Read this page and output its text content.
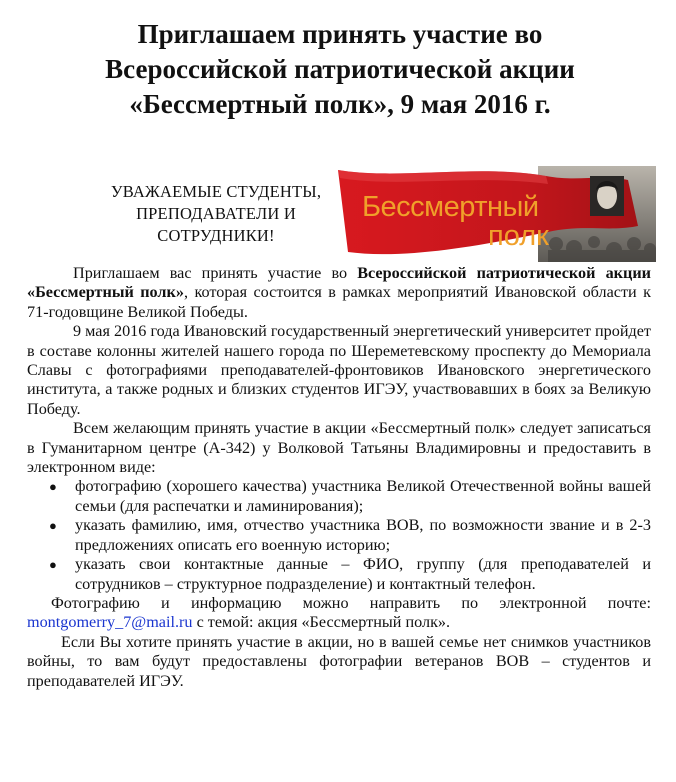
Приглашаем принять участие во
Всероссийской патриотической акции
«Бессмертный полк», 9 мая 2016 г.
УВАЖАЕМЫЕ СТУДЕНТЫ,
ПРЕПОДАВАТЕЛИ И
СОТРУДНИКИ!
Бессмертный
полк

Приглашаем вас принять участие во Всероссийской патриотической акции «Бессмертный полк», которая состоится в рамках мероприятий Ивановской области к 71-годовщине Великой Победы.

9 мая 2016 года Ивановский государственный энергетический университет пройдет в составе колонны жителей нашего города по Шереметевскому проспекту до Мемориала Славы с фотографиями преподавателей-фронтовиков Ивановского энергетического института, а также родных и близких студентов ИГЭУ, участвовавших в боях за Великую Победу.

Всем желающим принять участие в акции «Бессмертный полк» следует записаться в Гуманитарном центре (А-342) у Волковой Татьяны Владимировны и предоставить в электронном виде:

● фотографию (хорошего качества) участника Великой Отечественной войны вашей семьи (для распечатки и ламинирования);
● указать фамилию, имя, отчество участника ВОВ, по возможности звание и в 2-3 предложениях описать его военную историю;
● указать свои контактные данные – ФИО, группу (для преподавателей и сотрудников – структурное подразделение) и контактный телефон.

Фотографию и информацию можно направить по электронной почте: montgomerry_7@mail.ru с темой: акция «Бессмертный полк».

Если Вы хотите принять участие в акции, но в вашей семье нет снимков участников войны, то вам будут предоставлены фотографии ветеранов ВОВ – студентов и преподавателей ИГЭУ.
